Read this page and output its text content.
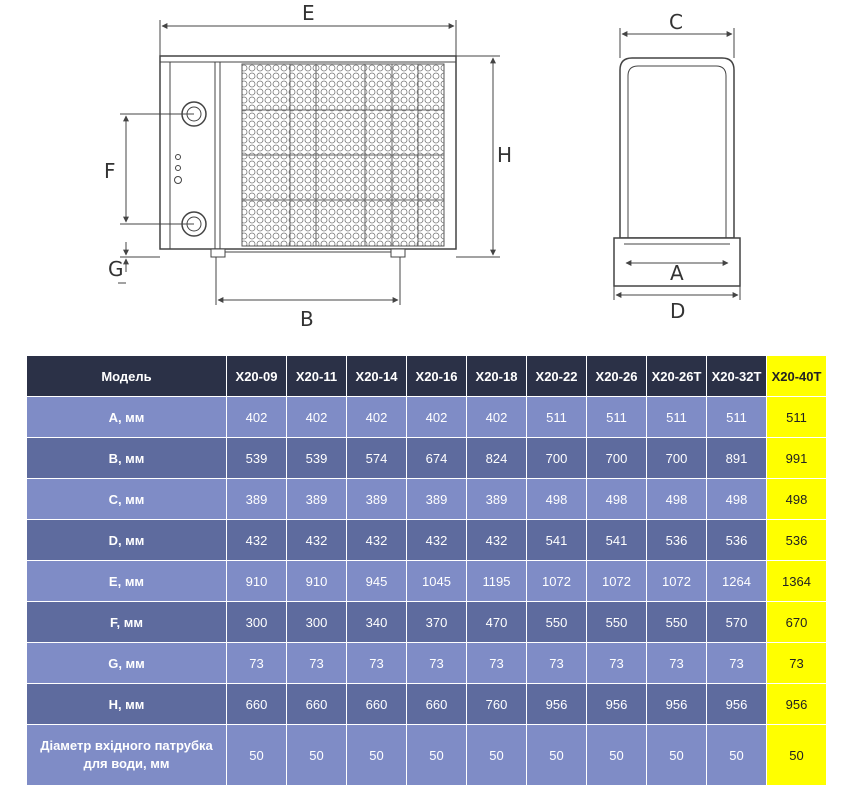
E
H
F
G
B
C
A
D
Модель	X20-09	X20-11	X20-14	X20-16	X20-18	X20-22	X20-26	X20-26T	X20-32T	X20-40T
A, мм	402	402	402	402	402	511	511	511	511	511
B, мм	539	539	574	674	824	700	700	700	891	991
C, мм	389	389	389	389	389	498	498	498	498	498
D, мм	432	432	432	432	432	541	541	536	536	536
E, мм	910	910	945	1045	1195	1072	1072	1072	1264	1364
F, мм	300	300	340	370	470	550	550	550	570	670
G, мм	73	73	73	73	73	73	73	73	73	73
H, мм	660	660	660	660	760	956	956	956	956	956

Діаметр вхідного патрубка
для води, мм	50	50	50	50	50	50	50	50	50	50
